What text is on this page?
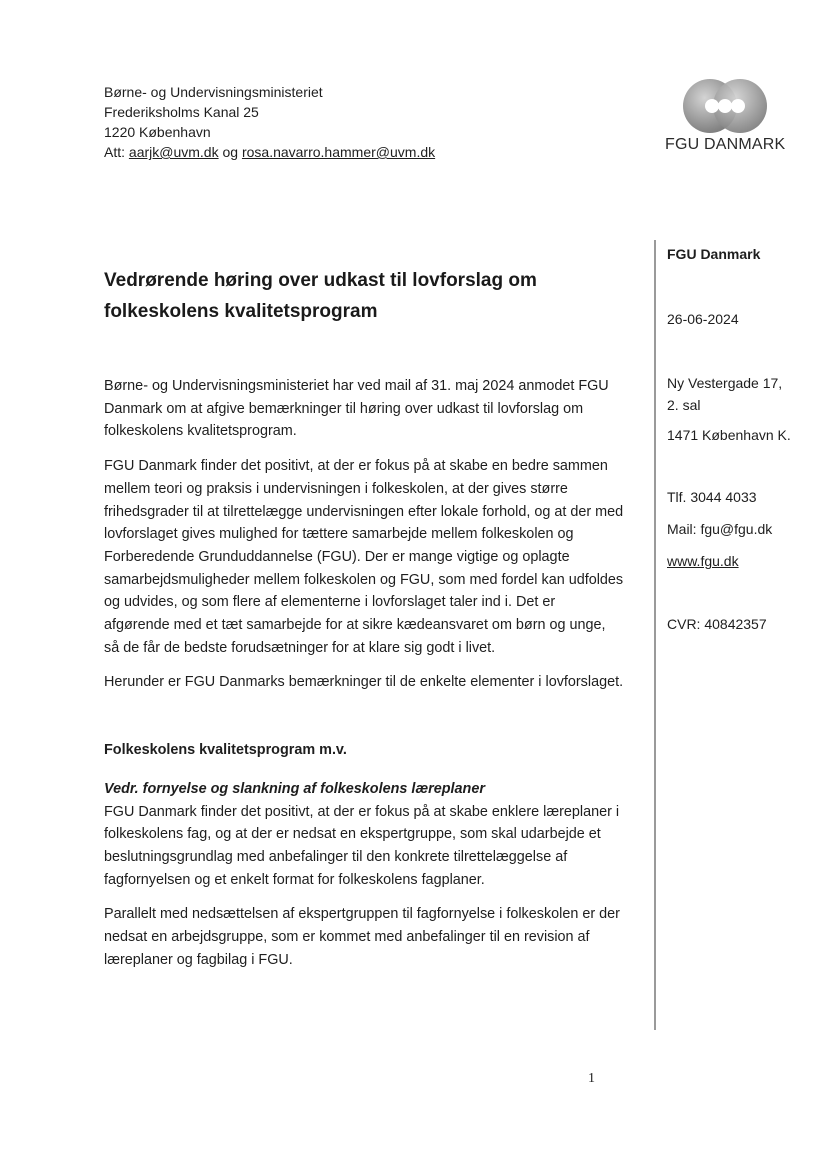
Børne- og Undervisningsministeriet
Frederiksholms Kanal 25
1220 København
Att: aarjk@uvm.dk og rosa.navarro.hammer@uvm.dk	FGU DANMARK
Vedrørende høring over udkast til lovforslag om folkeskolens kvalitetsprogram

Børne- og Undervisningsministeriet har ved mail af 31. maj 2024 anmodet FGU Danmark om at afgive bemærkninger til høring over udkast til lovforslag om folkeskolens kvalitetsprogram.

FGU Danmark finder det positivt, at der er fokus på at skabe en bedre sammen mellem teori og praksis i undervisningen i folkeskolen, at der gives større frihedsgrader til at tilrettelægge undervisningen efter lokale forhold, og at der med lovforslaget gives mulighed for tættere samarbejde mellem folkeskolen og Forberedende Grunduddannelse (FGU). Der er mange vigtige og oplagte samarbejdsmuligheder mellem folkeskolen og FGU, som med fordel kan udfoldes og udvides, og som flere af elementerne i lovforslaget taler ind i. Det er afgørende med et tæt samarbejde for at sikre kædeansvaret om børn og unge, så de får de bedste forudsætninger for at klare sig godt i livet.

Herunder er FGU Danmarks bemærkninger til de enkelte elementer i lovforslaget.

Folkeskolens kvalitetsprogram m.v.

Vedr. fornyelse og slankning af folkeskolens læreplaner

FGU Danmark finder det positivt, at der er fokus på at skabe enklere læreplaner i folkeskolens fag, og at der er nedsat en ekspertgruppe, som skal udarbejde et beslutningsgrundlag med anbefalinger til den konkrete tilrettelæggelse af fagfornyelsen og et enkelt format for folkeskolens fagplaner.

Parallelt med nedsættelsen af ekspertgruppen til fagfornyelse i folkeskolen er der nedsat en arbejdsgruppe, som er kommet med anbefalinger til en revision af læreplaner og fagbilag i FGU.

FGU Danmark
26-06-2024
Ny Vestergade 17,
2. sal
1471 København K.
Tlf. 3044 4033
Mail: fgu@fgu.dk
www.fgu.dk
CVR: 40842357
1
